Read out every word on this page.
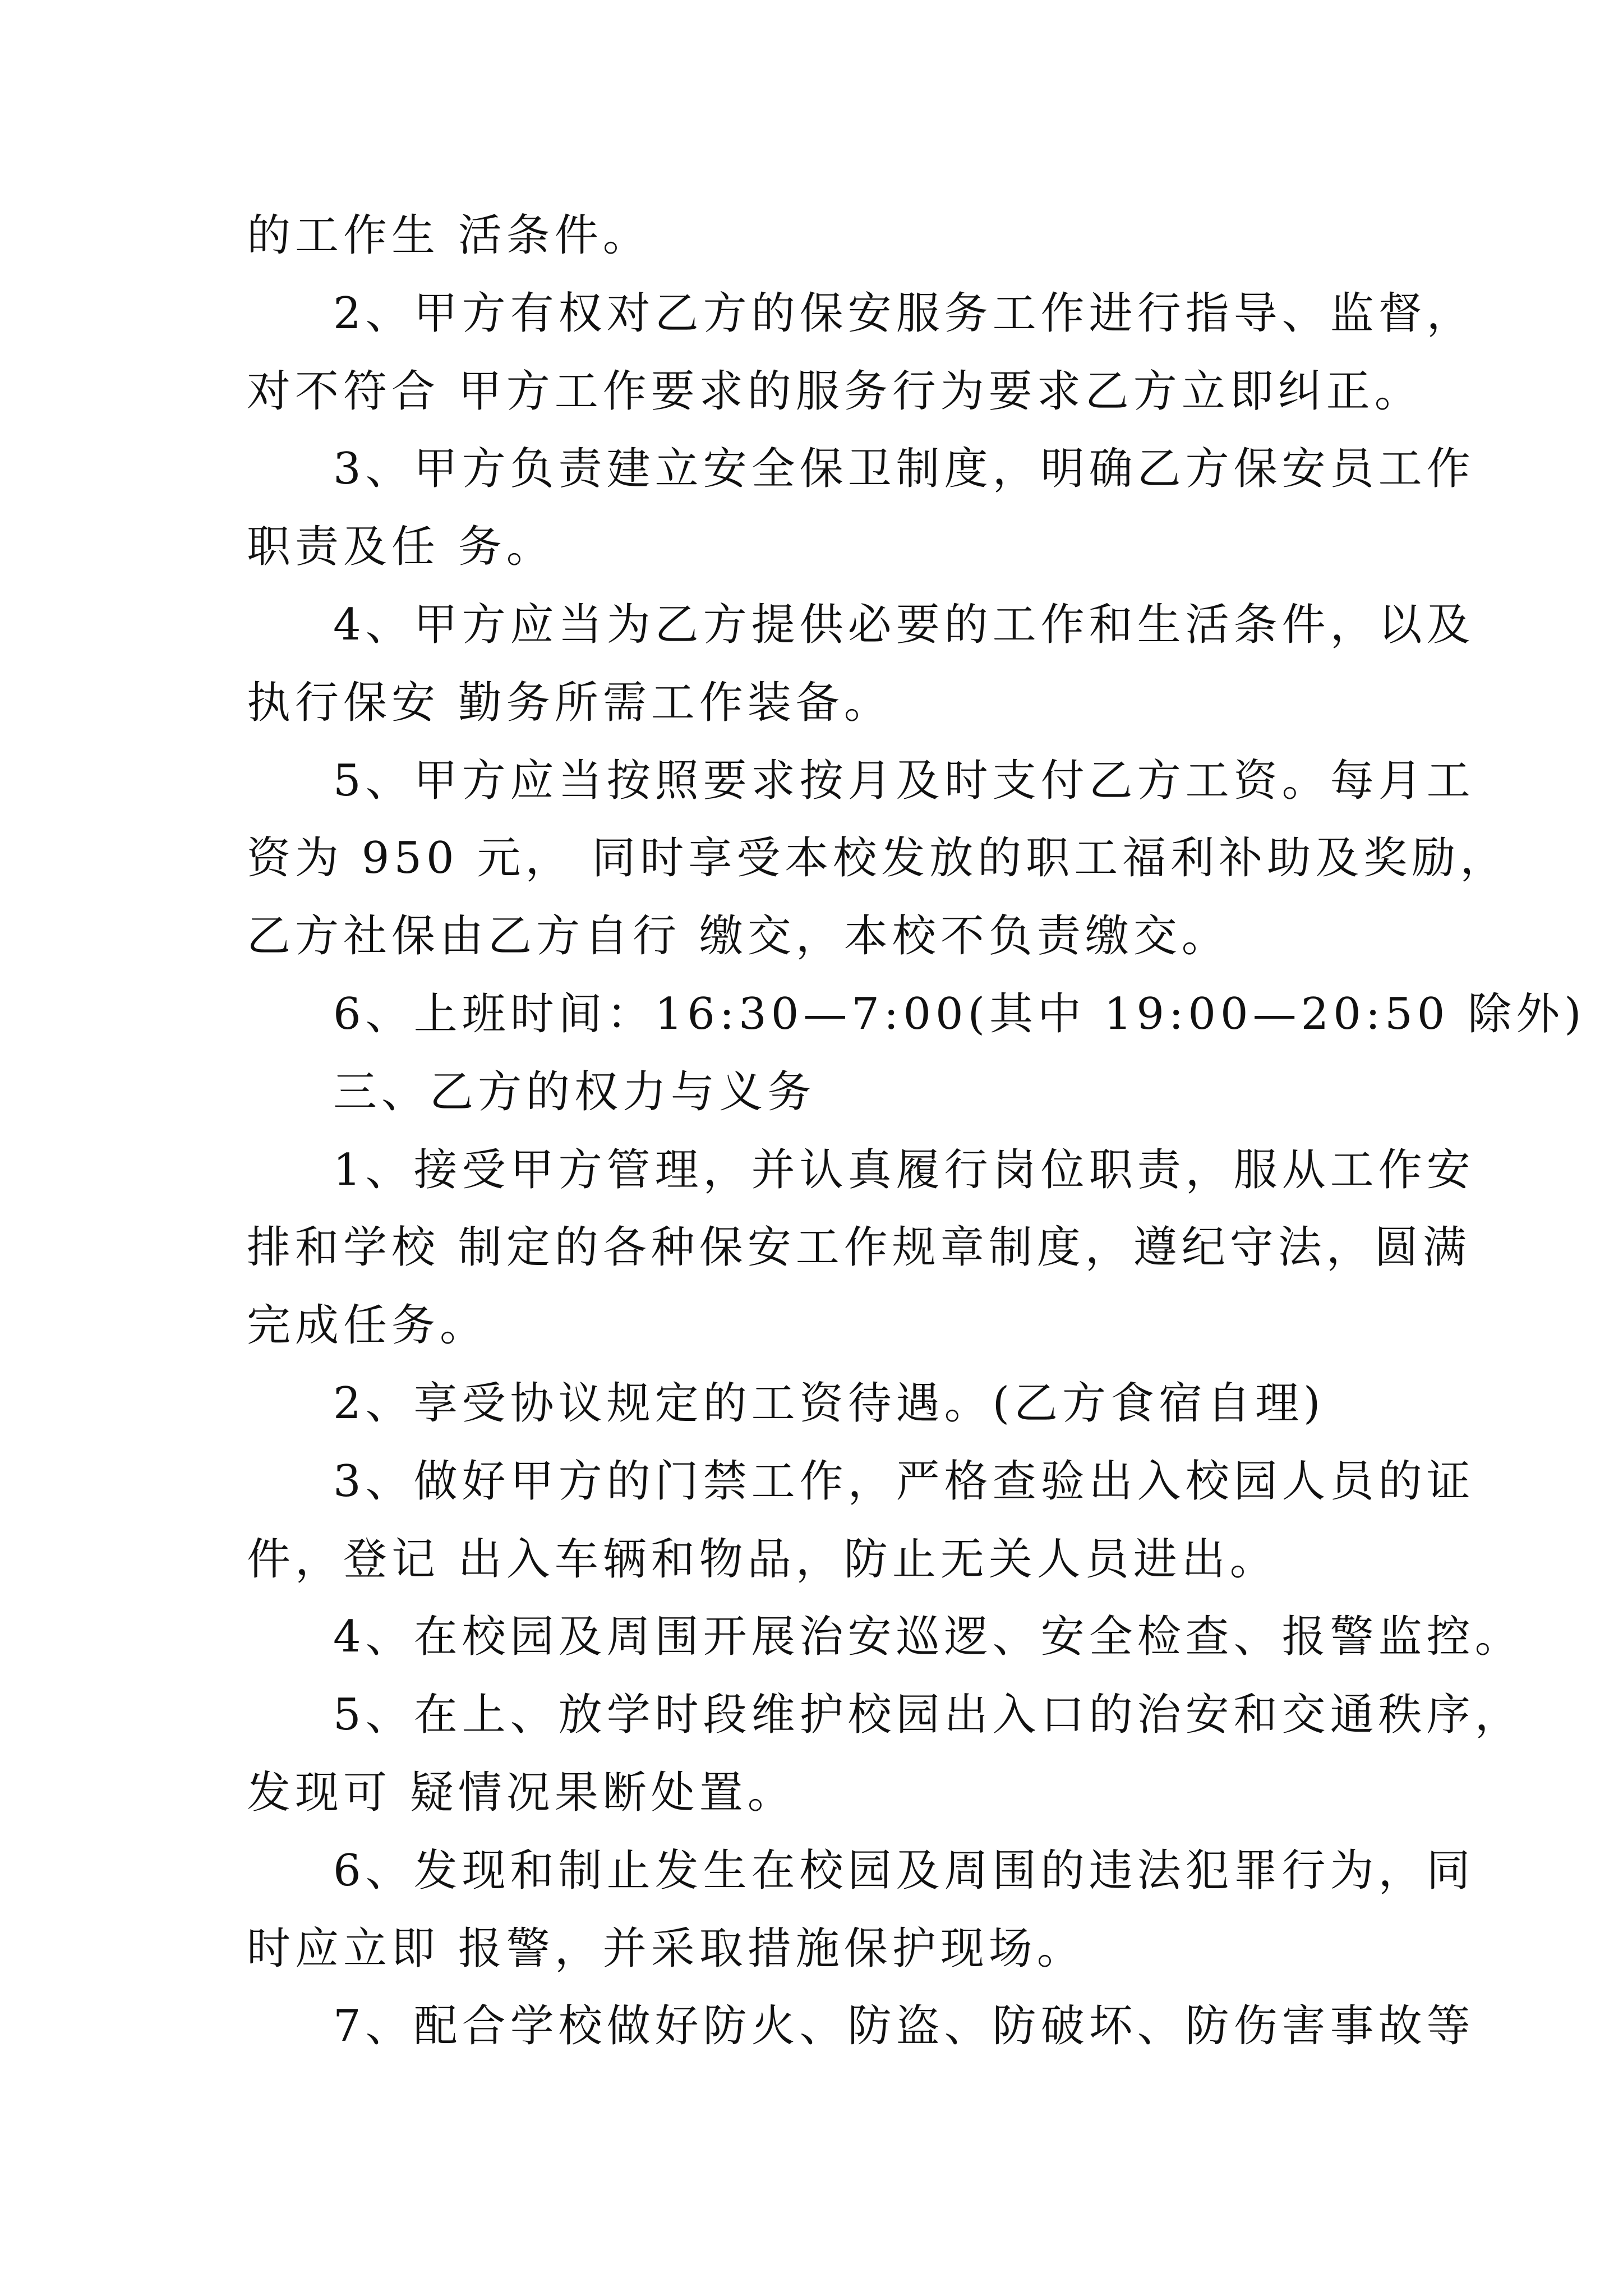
的工作生 活条件。
2、甲方有权对乙方的保安服务工作进行指导、监督，
对不符合 甲方工作要求的服务行为要求乙方立即纠正。
3、甲方负责建立安全保卫制度，明确乙方保安员工作
职责及任 务。
4、甲方应当为乙方提供必要的工作和生活条件，以及
执行保安 勤务所需工作装备。
5、甲方应当按照要求按月及时支付乙方工资。每月工
资为 950 元， 同时享受本校发放的职工福利补助及奖励，
乙方社保由乙方自行 缴交，本校不负责缴交。
6、上班时间：16:30—7:00(其中 19:00—20:50 除外)
三、乙方的权力与义务
1、接受甲方管理，并认真履行岗位职责，服从工作安
排和学校 制定的各种保安工作规章制度，遵纪守法，圆满
完成任务。
2、享受协议规定的工资待遇。(乙方食宿自理)
3、做好甲方的门禁工作，严格查验出入校园人员的证
件，登记 出入车辆和物品，防止无关人员进出。
4、在校园及周围开展治安巡逻、安全检查、报警监控。
5、在上、放学时段维护校园出入口的治安和交通秩序，
发现可 疑情况果断处置。
6、发现和制止发生在校园及周围的违法犯罪行为，同
时应立即 报警，并采取措施保护现场。
7、配合学校做好防火、防盗、防破坏、防伤害事故等
